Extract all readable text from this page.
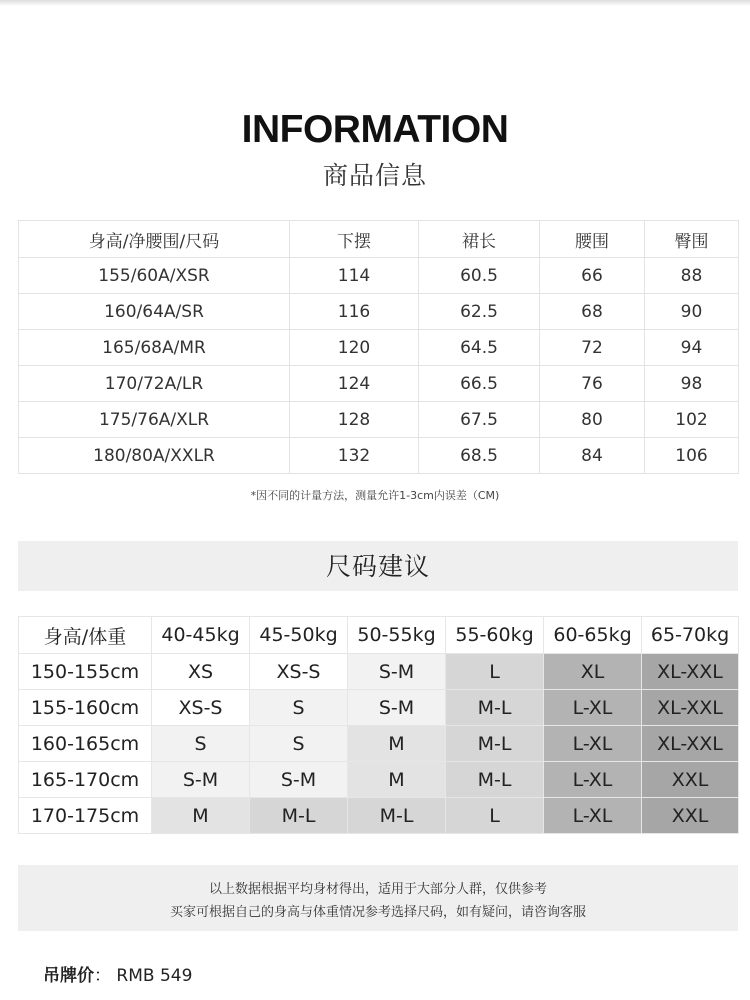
INFORMATION
商品信息
身高/净腰围/尺码	下摆	裙长	腰围	臀围
155/60A/XSR	114	60.5	66	88
160/64A/SR	116	62.5	68	90
165/68A/MR	120	64.5	72	94
170/72A/LR	124	66.5	76	98
175/76A/XLR	128	67.5	80	102
180/80A/XXLR	132	68.5	84	106
*因不同的计量方法，测量允许1-3cm内误差（CM)
尺码建议
身高/体重	40-45kg	45-50kg	50-55kg	55-60kg	60-65kg	65-70kg
150-155cm	XS	XS-S	S-M	L	XL	XL-XXL
155-160cm	XS-S	S	S-M	M-L	L-XL	XL-XXL
160-165cm	S	S	M	M-L	L-XL	XL-XXL
165-170cm	S-M	S-M	M	M-L	L-XL	XXL
170-175cm	M	M-L	M-L	L	L-XL	XXL
以上数据根据平均身材得出，适用于大部分人群，仅供参考
买家可根据自己的身高与体重情况参考选择尺码，如有疑问，请咨询客服
吊牌价： RMB 549
